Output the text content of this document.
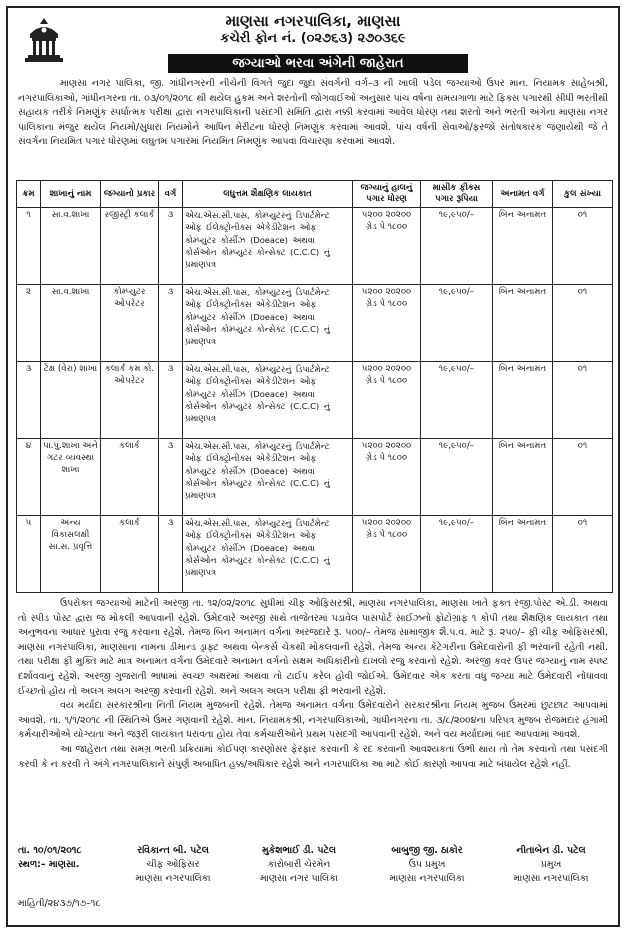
માણસા નગરપાલિકા, માણસા
કચેરી ફોન નં. (૦૨૭૬૩) ૨૭૦૩૬૯
જગ્યાઓ ભરવા અંગેની જાહેરાત
માણસા નગર પાલિકા, જી. ગાંધીનગરની નીચેની વિગતે જુદા જુદા સંવર્ગની વર્ગ–૩ ની ખાલી પડેલ જગ્યાઓ ઉપર માન. નિયામક સાહેબશ્રી, નગરપાલિકાઓ, ગાંધીનગરના તા. ૦૩/૦૧/૨૦૧૮ થી થયેલ હુકમ અને શરતોની જોગવાઈઓ અનુસાર પાંચ વર્ષના સમયગાળા માટે ફિક્સ પગારથી સીધી ભરતીથી સહાયક તરીકે નિમણુંક સ્પર્ધાત્મક પરીક્ષા દ્વારા નગરપાલિકાની પસંદગી સમિતિ દ્વારા નક્કી કરવામાં આવેલ ધોરણ તથા શરતો અને ભરતી અંગેના માણસા નગર પાલિકાના મંજુર થયેલ નિયમો/સુધારા નિયમોને આધિન મેરીટના ધોરણે નિમણુંક કરવામાં આવશે. પાંચ વર્ષની સેવાઓ/ફરજો સંતોષકારક જણાયેથી જે તે સંવર્ગના નિયમિત પગાર ધોરણમાં લઘુતમ પગારમાં નિયમિત નિમણુંક આપવા વિચારણા કરવામાં આવશે.
ક્રમ	શાખાનું નામ	જગ્યાનો પ્રકાર	વર્ગ	લઘુત્તમ શૈક્ષણિક લાયકાત	જગ્યાનું હાલનું પગાર ધોરણ	માસીક ફીક્સ પગાર રૂપિયા	અનામત વર્ગ	કુલ સંખ્યા
૧	સા.વ.શાખા	રજીસ્ટ્રી કલાર્ક	૩	એચ.એસ.સી.પાસ, કોમ્પ્યુટરનું ડિપાર્ટમેન્ટ ઓફ ઈલેક્ટ્રોનીક્સ એકેડીટેશન ઓફ કોમ્પ્યુટર કોર્સીઝ (Doeace) અથવા કોર્સઓન કોમ્પ્યુટર કોન્સેક્ટ (C.C.C) નું પ્રમાણપત્ર	૫૨૦૦ ૨૦૨૦૦ ગ્રેડ પે ૧૮૦૦	૧૯,૯૫૦/–	બિન અનામત	૦૧
૨	સા.વ.શાખા	કોમ્પ્યુટર ઓપરેટર	૩	એચ.એસ.સી.પાસ, કોમ્પ્યુટરનું ડિપાર્ટમેન્ટ ઓફ ઈલેક્ટ્રોનીક્સ એકેડીટેશન ઓફ કોમ્પ્યુટર કોર્સીઝ (Doeace) અથવા કોર્સઓન કોમ્પ્યુટર કોન્સેક્ટ (C.C.C) નું પ્રમાણપત્ર	૫૨૦૦ ૨૦૨૦૦ ગ્રેડ પે ૧૮૦૦	૧૯,૯૫૦/–	બિન અનામત	૦૧
૩	ટેક્ષ (વેરા) શાખા	કલાર્ક કમ કો. ઓપરેટર	૩	એચ.એસ.સી.પાસ, કોમ્પ્યુટરનું ડિપાર્ટમેન્ટ ઓફ ઈલેક્ટ્રોનીક્સ એકેડીટેશન ઓફ કોમ્પ્યુટર કોર્સીઝ (Doeace) અથવા કોર્સઓન કોમ્પ્યુટર કોન્સેક્ટ (C.C.C) નું પ્રમાણપત્ર	૫૨૦૦ ૨૦૨૦૦ ગ્રેડ પે ૧૮૦૦	૧૯,૯૫૦/–	બિન અનામત	૦૧
૪	પા.પુ.શાખા અને ગટર વ્યવસ્થા શાખા	કલાર્ક	૩	એચ.એસ.સી.પાસ, કોમ્પ્યુટરનું ડિપાર્ટમેન્ટ ઓફ ઈલેક્ટ્રોનીક્સ એકેડીટેશન ઓફ કોમ્પ્યુટર કોર્સીઝ (Doeace) અથવા કોર્સઓન કોમ્પ્યુટર કોન્સેક્ટ (C.C.C) નું પ્રમાણપત્ર	૫૨૦૦ ૨૦૨૦૦ ગ્રેડ પે ૧૮૦૦	૧૯,૯૫૦/–	બિન અનામત	૦૧
૫	અન્ય વિકાસલક્ષી સા.સ. પ્રવૃત્તિ	કલાર્ક	૩	એચ.એસ.સી.પાસ, કોમ્પ્યુટરનું ડિપાર્ટમેન્ટ ઓફ ઈલેક્ટ્રોનીક્સ એકેડીટેશન ઓફ કોમ્પ્યુટર કોર્સીઝ (Doeace) અથવા કોર્સઓન કોમ્પ્યુટર કોન્સેક્ટ (C.C.C) નું પ્રમાણપત્ર	૫૨૦૦ ૨૦૨૦૦ ગ્રેડ પે ૧૮૦૦	૧૯,૯૫૦/–	બિન અનામત	૦૧

ઉપરોક્ત જગ્યાઓ માટેની અરજી તા. ૧૨/૦૨/૨૦૧૮ સુધીમાં ચીફ ઓફિસરશ્રી, માણસા નગરપાલિકા, માણસા ખાતે ફક્ત રજી.પોસ્ટ એ.ડી. અથવા તો સ્પીડ પોસ્ટ દ્વારા જ મોકલી આપવાની રહેશે. ઉમેદવારે અરજી સાથે તાજેતરમાં પડાવેલ પાસપોર્ટ સાઈઝનો ફોટોગ્રાફ ૧ કોપી તથા શૈક્ષણિક લાયકાત તથા અનુભવના આધાર પુરાવા રજુ કરવાના રહેશે. તેમજ બિન અનામત વર્ગના અરજદારે રૂ. ૫૦૦/– તેમજ સામાજીક શૈ.પ.વ. માટે રૂ. ૨૫૦/– ફી ચીફ ઓફિસરશ્રી, માણસા નગરપાલિકા, માણસાના નામના ડીમાન્ડ ડ્રાફ્ટ અથવા બેન્કર્સ ચેકથી મોકલવાની રહેશે. તેમજ અન્ય કેટેગરીના ઉમેદવારોની ફી ભરવાની રહેતી નથી. તથા પરીક્ષા ફી મુક્તિ માટે માત્ર અનામત વર્ગના ઉમેદવારે અનામત વર્ગનો સક્ષમ અધિકારીનો દાખલો રજુ કરવાનો રહેશે. અરજી કવર ઉપર જગ્યાનું નામ સ્પષ્ટ દર્શાવવાનું રહેશે. અરજી ગુજરાતી ભાષામાં સ્વચ્છ અક્ષરમાં અથવા તો ટાઈપ કરેલ હોવી જોઈએ. ઉમેદવાર એક કરતા વધુ જગ્યા માટે ઉમેદવારી નોંધાવવા ઈચ્છતો હોય તો અલગ અલગ અરજી કરવાની રહેશે. અને અલગ અલગ પરીક્ષા ફી ભરવાની રહેશે.

વય મર્યાદા સરકારશ્રીના નિતી નિયમ મુજબની રહેશે. તેમજ અનામત વર્ગના ઉમેદવારોને સરકારશ્રીના નિયમ મુજબ ઉંમરમાં છુટછાટ આપવામાં આવશે. તા. ૧/૧/૨૦૧૮ ની સ્થિતિએ ઉંમર ગણવાની રહેશે. માન. નિયામકશ્રી, નગરપાલિકાઓ, ગાંધીનગરના તા. ૩/૮/૨૦૦૪ના પરિપત્ર મુજબ રોજમદાર હંગામી કર્મચારીઓએ યોગ્યતા અને જરૂરી લાયકાત ધરાવતા હોય તેવા કર્મચારીઓને પ્રથમ પસંદગી આપવાની રહેશે. અને વય મર્યાદામાં બાદ આપવામાં આવશે.

આ જાહેરાત તથા સમગ્ર ભરતી પ્રક્રિયામાં કોઈપણ કારણોસર ફેરફાર કરવાની કે રદ કરવાની આવશ્યકતા ઉભી થાય તો તેમ કરવાનો તથા પસંદગી કરવી કે ન કરવી તે અંગે નગરપાલિકાને સંપુર્ણ અબાધિત હક્ક/અધિકાર રહેશે અને નગરપાલિકા આ માટે કોઈ કારણો આપવા માટે બંધાયેલ રહેશે નહીં.

તા. ૧૦/૦૧/૨૦૧૮
સ્થળ:– માણસા.
રવિકાન્ત બી. પટેલ
ચીફ ઓફિસર
માણસા નગરપાલિકા
મુકેશભાઈ ડી. પટેલ
કારોબારી ચેરમેન
માણસા નગર પાલિકા
બાબુજી જી. ઠાકોર
ઉપ પ્રમુખ
માણસા નગરપાલિકા
નીતાબેન ડી. પટેલ
પ્રમુખ
માણસા નગરપાલિકા
માહિતી/૨૪૩૭/૧૭–૧૮
